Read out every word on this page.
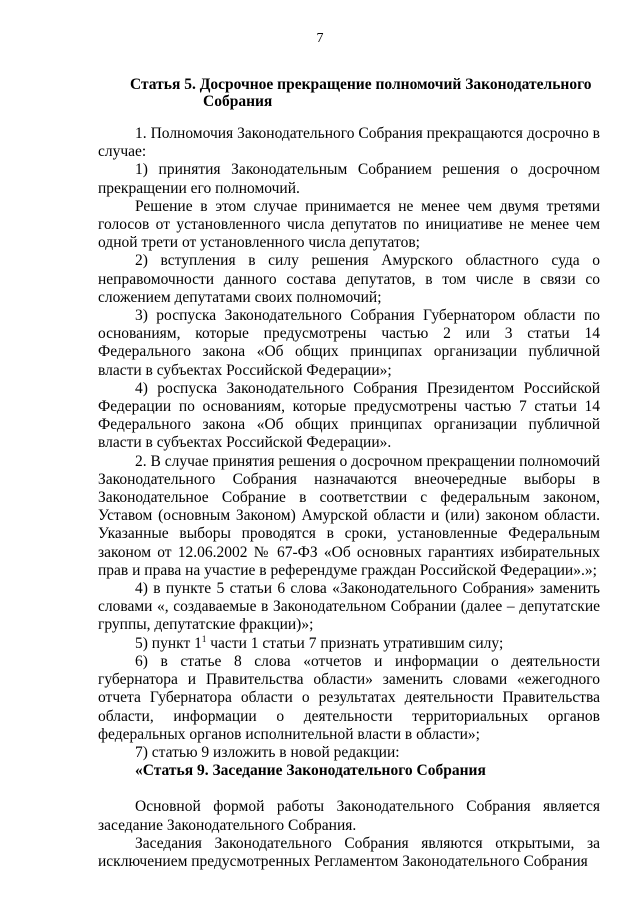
7
Статья 5. Досрочное прекращение полномочий Законодательного
Собрания

1. Полномочия Законодательного Собрания прекращаются досрочно в случае:

1) принятия Законодательным Собранием решения о досрочном прекращении его полномочий.

Решение в этом случае принимается не менее чем двумя третями голосов от установленного числа депутатов по инициативе не менее чем одной трети от установленного числа депутатов;

2) вступления в силу решения Амурского областного суда о неправомочности данного состава депутатов, в том числе в связи со сложением депутатами своих полномочий;

3) роспуска Законодательного Собрания Губернатором области по основаниям, которые предусмотрены частью 2 или 3 статьи 14 Федерального закона «Об общих принципах организации публичной власти в субъектах Российской Федерации»;

4) роспуска Законодательного Собрания Президентом Российской Федерации по основаниям, которые предусмотрены частью 7 статьи 14 Федерального закона «Об общих принципах организации публичной власти в субъектах Российской Федерации».

2. В случае принятия решения о досрочном прекращении полномочий Законодательного Собрания назначаются внеочередные выборы в Законодательное Собрание в соответствии с федеральным законом, Уставом (основным Законом) Амурской области и (или) законом области. Указанные выборы проводятся в сроки, установленные Федеральным законом от 12.06.2002 № 67-ФЗ «Об основных гарантиях избирательных прав и права на участие в референдуме граждан Российской Федерации».»;

4) в пункте 5 статьи 6 слова «Законодательного Собрания» заменить словами «, создаваемые в Законодательном Собрании (далее – депутатские группы, депутатские фракции)»;

5) пункт $1^1$ части 1 статьи 7 признать утратившим силу;

6) в статье 8 слова «отчетов и информации о деятельности губернатора и Правительства области» заменить словами «ежегодного отчета Губернатора области о результатах деятельности Правительства области, информации о деятельности территориальных органов федеральных органов исполнительной власти в области»;

7) статью 9 изложить в новой редакции:

«Статья 9. Заседание Законодательного Собрания

Основной формой работы Законодательного Собрания является заседание Законодательного Собрания.

Заседания Законодательного Собрания являются открытыми, за исключением предусмотренных Регламентом Законодательного Собрания
